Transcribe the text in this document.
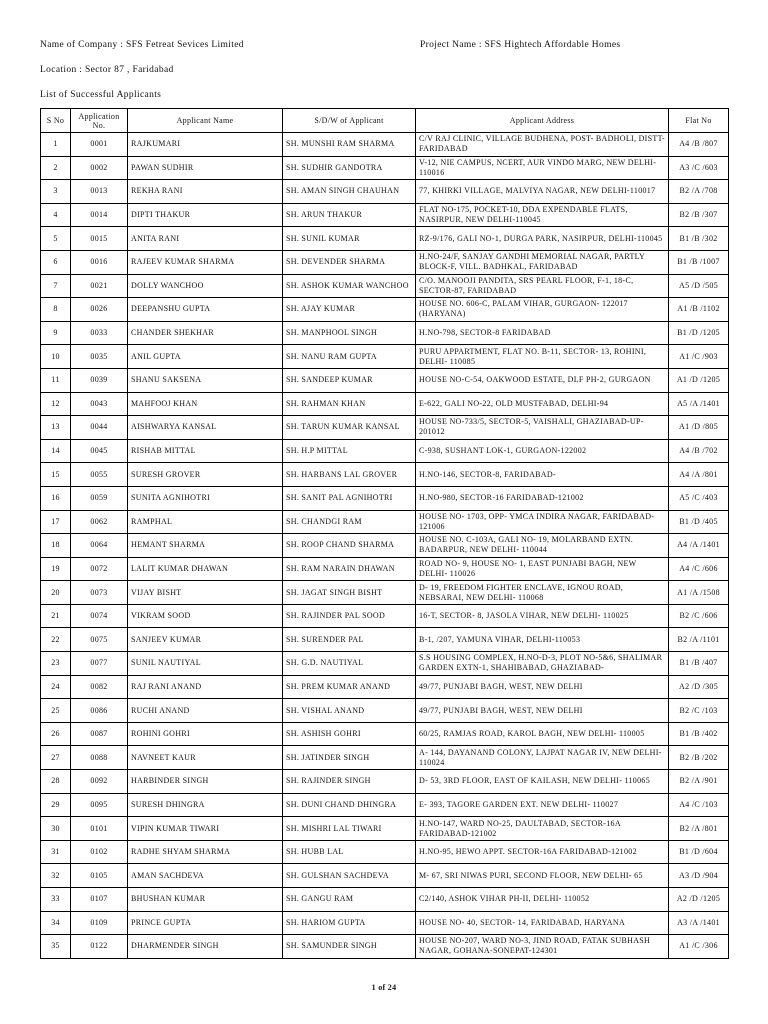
Name of Company : SFS Fetreat Sevices Limited	Project Name : SFS Hightech Affordable Homes
Location : Sector 87 , Faridabad
List of Successful Applicants
S No	Application No.	Applicant Name	S/D/W of Applicant	Applicant Address	Flat No
1	0001	RAJKUMARI	SH. MUNSHI RAM SHARMA	C/V RAJ CLINIC, VILLAGE BUDHENA, POST- BADHOLI, DISTT- FARIDABAD	A4 /B /807
2	0002	PAWAN SUDHIR	SH. SUDHIR GANDOTRA	V-12, NIE CAMPUS, NCERT, AUR VINDO MARG, NEW DELHI-110016	A3 /C /603
3	0013	REKHA RANI	SH. AMAN SINGH CHAUHAN	77, KHIRKI VILLAGE, MALVIYA NAGAR, NEW DELHI-110017	B2 /A /708
4	0014	DIPTI THAKUR	SH. ARUN THAKUR	FLAT NO-175, POCKET-10, DDA EXPENDABLE FLATS, NASIRPUR, NEW DELHI-110045	B2 /B /307
5	0015	ANITA RANI	SH. SUNIL KUMAR	RZ-9/176, GALI NO-1, DURGA PARK, NASIRPUR, DELHI-110045	B1 /B /302
6	0016	RAJEEV KUMAR SHARMA	SH. DEVENDER SHARMA	H.NO-24/F, SANJAY GANDHI MEMORIAL NAGAR, PARTLY BLOCK-F, VILL. BADHKAL, FARIDABAD	B1 /B /1007
7	0021	DOLLY WANCHOO	SH. ASHOK KUMAR WANCHOO	C/O. MANOOJI PANDITA, SRS PEARL FLOOR, F-1, 18-C, SECTOR-87, FARIDABAD	A5 /D /505
8	0026	DEEPANSHU GUPTA	SH. AJAY KUMAR	HOUSE NO. 606-C, PALAM VIHAR, GURGAON- 122017 (HARYANA)	A1 /B /1102
9	0033	CHANDER SHEKHAR	SH. MANPHOOL SINGH	H.NO-798, SECTOR-8 FARIDABAD	B1 /D /1205
10	0035	ANIL GUPTA	SH. NANU RAM GUPTA	PURU APPARTMENT, FLAT NO. B-11, SECTOR- 13, ROHINI, DELHI- 110085	A1 /C /903
11	0039	SHANU SAKSENA	SH. SANDEEP KUMAR	HOUSE NO-C-54, OAKWOOD ESTATE, DLF PH-2, GURGAON	A1 /D /1205
12	0043	MAHFOOJ KHAN	SH. RAHMAN KHAN	E-622, GALI NO-22, OLD MUSTFABAD, DELHI-94	A5 /A /1401
13	0044	AISHWARYA KANSAL	SH. TARUN KUMAR KANSAL	HOUSE NO-733/5, SECTOR-5, VAISHALI, GHAZIABAD-UP-201012	A1 /D /805
14	0045	RISHAB MITTAL	SH. H.P MITTAL	C-938, SUSHANT LOK-1, GURGAON-122002	A4 /B /702
15	0055	SURESH GROVER	SH. HARBANS LAL GROVER	H.NO-146, SECTOR-8, FARIDABAD-	A4 /A /801
16	0059	SUNITA AGNIHOTRI	SH. SANIT PAL AGNIHOTRI	H.NO-980, SECTOR-16 FARIDABAD-121002	A5 /C /403
17	0062	RAMPHAL	SH. CHANDGI RAM	HOUSE NO- 1703, OPP- YMCA INDIRA NAGAR, FARIDABAD- 121006	B1 /D /405
18	0064	HEMANT SHARMA	SH. ROOP CHAND SHARMA	HOUSE NO. C-103A, GALI NO- 19, MOLARBAND EXTN. BADARPUR, NEW DELHI- 110044	A4 /A /1401
19	0072	LALIT KUMAR DHAWAN	SH. RAM NARAIN DHAWAN	ROAD NO- 9, HOUSE NO- 1, EAST PUNJABI BAGH, NEW DELHI- 110026	A4 /C /606
20	0073	VIJAY BISHT	SH. JAGAT SINGH BISHT	D- 19, FREEDOM FIGHTER ENCLAVE, IGNOU ROAD, NEBSARAI, NEW DELHI- 110068	A1 /A /1508
21	0074	VIKRAM SOOD	SH. RAJINDER PAL SOOD	16-T, SECTOR- 8, JASOLA VIHAR, NEW DELHI- 110025	B2 /C /606
22	0075	SANJEEV KUMAR	SH. SURENDER PAL	B-1, /207, YAMUNA VIHAR, DELHI-110053	B2 /A /1101
23	0077	SUNIL NAUTIYAL	SH. G.D. NAUTIYAL	S.S HOUSING COMPLEX, H.NO-D-3, PLOT NO-5&6, SHALIMAR GARDEN EXTN-1, SHAHIBABAD, GHAZIABAD-	B1 /B /407
24	0082	RAJ RANI ANAND	SH. PREM KUMAR ANAND	49/77, PUNJABI BAGH, WEST, NEW DELHI	A2 /D /305
25	0086	RUCHI ANAND	SH. VISHAL ANAND	49/77, PUNJABI BAGH, WEST, NEW DELHI	B2 /C /103
26	0087	ROHINI GOHRI	SH. ASHISH GOHRI	60/25, RAMJAS ROAD, KAROL BAGH, NEW DELHI- 110005	B1 /B /402
27	0088	NAVNEET KAUR	SH. JATINDER SINGH	A- 144, DAYANAND COLONY, LAJPAT NAGAR IV, NEW DELHI- 110024	B2 /B /202
28	0092	HARBINDER SINGH	SH. RAJINDER SINGH	D- 53, 3RD FLOOR, EAST OF KAILASH, NEW DELHI- 110065	B2 /A /901
29	0095	SURESH DHINGRA	SH. DUNI CHAND DHINGRA	E- 393, TAGORE GARDEN EXT. NEW DELHI- 110027	A4 /C /103
30	0101	VIPIN KUMAR TIWARI	SH. MISHRI LAL TIWARI	H.NO-147, WARD NO-25, DAULTABAD, SECTOR-16A FARIDABAD-121002	B2 /A /801
31	0102	RADHE SHYAM SHARMA	SH. HUBB LAL	H.NO-95, HEWO APPT. SECTOR-16A FARIDABAD-121002	B1 /D /604
32	0105	AMAN SACHDEVA	SH. GULSHAN SACHDEVA	M- 67, SRI NIWAS PURI, SECOND FLOOR, NEW DELHI- 65	A3 /D /904
33	0107	BHUSHAN KUMAR	SH. GANGU RAM	C2/140, ASHOK VIHAR PH-II, DELHI- 110052	A2 /D /1205
34	0109	PRINCE GUPTA	SH. HARIOM GUPTA	HOUSE NO- 40, SECTOR- 14, FARIDABAD, HARYANA	A3 /A /1401
35	0122	DHARMENDER SINGH	SH. SAMUNDER SINGH	HOUSE NO-207, WARD NO-3, JIND ROAD, FATAK SUBHASH NAGAR, GOHANA-SONEPAT-124301	A1 /C /306
1 of 24
